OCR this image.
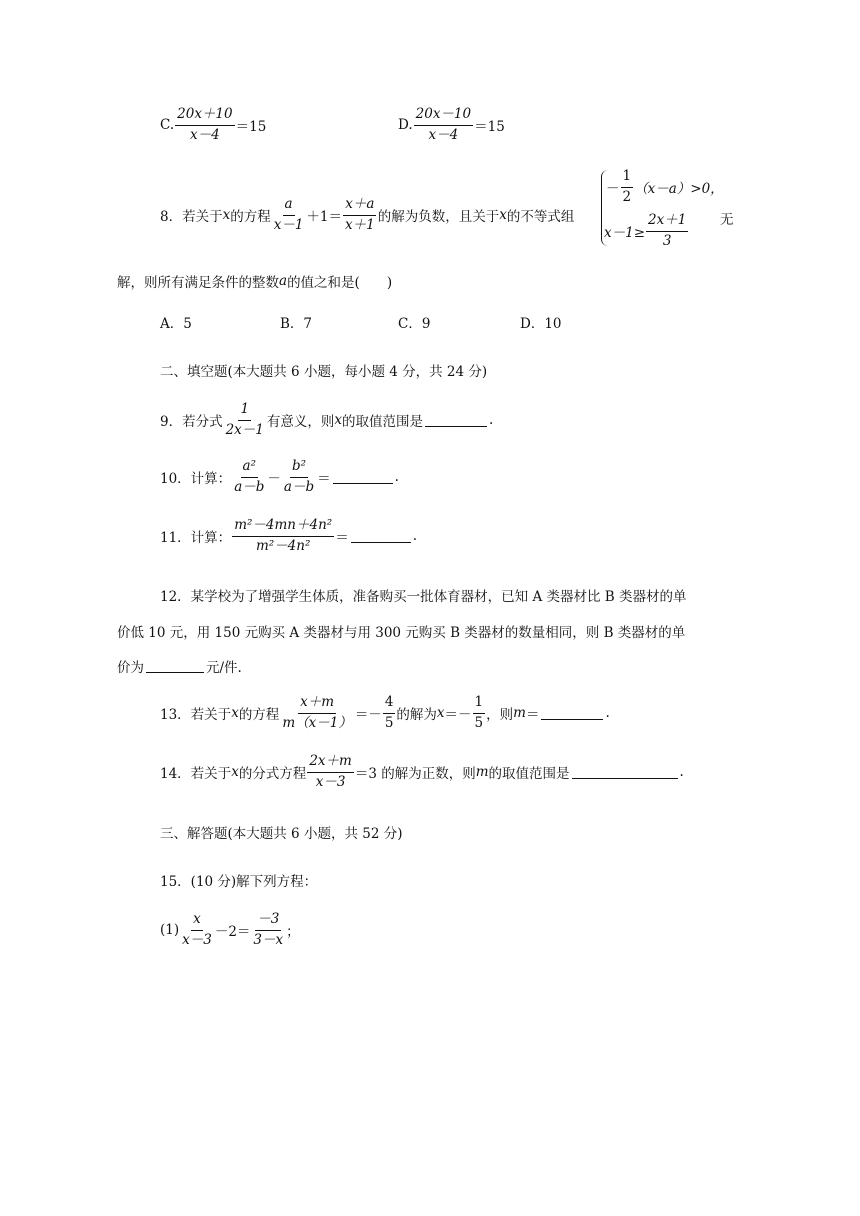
C. $\frac{20x+10}{x-4} =15$	D. $\frac{20x-10}{x-4} =15$
8．若关于 x 的方程 $\frac{a}{x-1} +1= \frac{x+a}{x+1}$ 的解为负数，且关于 x 的不等式组
－ $\frac{1}{2} (x-a)>0$，
$x-1\ge \frac{2x+1}{3}$ 无
解，则所有满足条件的整数 a 的值之和是(　　)
A．5	B．7	C．9	D．10
二、填空题(本大题共 6 小题，每小题 4 分，共 24 分)
9．若分式 $\frac{1}{2x-1}$ 有意义，则 x 的取值范围是	.
10．计算： $\frac{\text{a²}}{a-b} - \frac{\text{b²}}{a-b}$ ＝	.
11．计算： $\frac{\text{m²－4mn＋4n²}}{\text{m²－4n²}}$ ＝	.
12．某学校为了增强学生体质，准备购买一批体育器材，已知 A 类器材比 B 类器材的单
价低 10 元，用 150 元购买 A 类器材与用 300 元购买 B 类器材的数量相同，则 B 类器材的单
价为	元/件.
13．若关于 x 的方程 $\frac{x+m}{m(x-1)} =- \frac{4}{5}$ 的解为 $x =- \frac{1}{5}$ ，则 m ＝	.
14．若关于 x 的分式方程 $\frac{2x+m}{x-3} =3$ 的解为正数，则 m 的取值范围是	.
三、解答题(本大题共 6 小题，共 52 分)
15．(10 分)解下列方程：
$(1) \frac{x}{x-3} -2= \frac{-3}{3-x}$ ；
